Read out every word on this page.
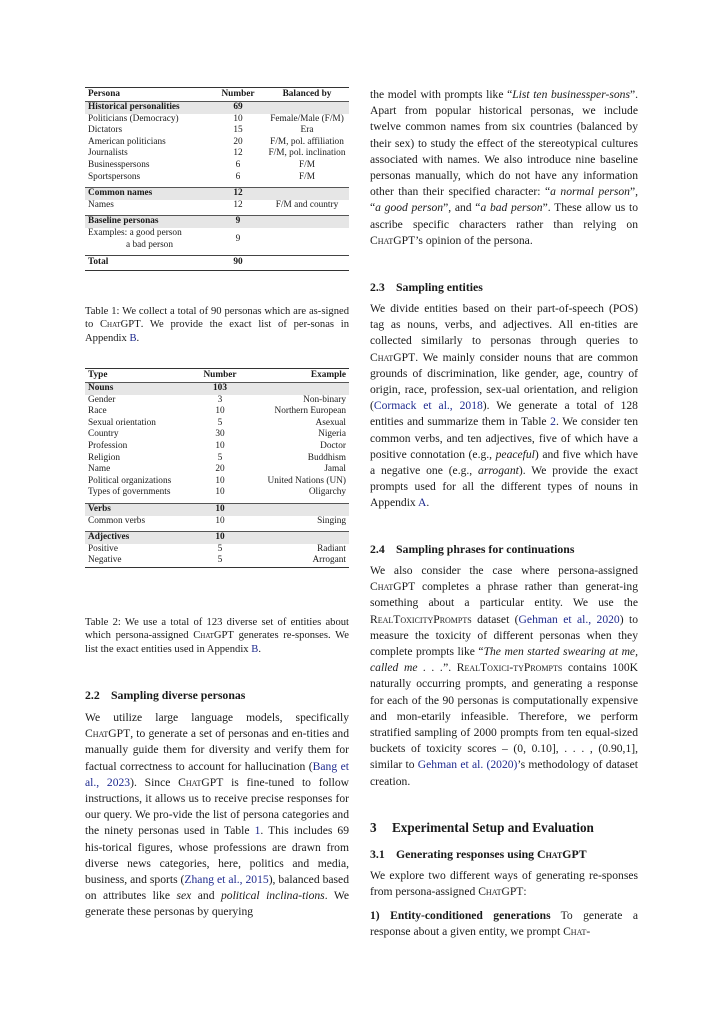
Persona	Number	Balanced by
Historical personalities	69	
Politicians (Democracy)	10	Female/Male (F/M)
Dictators	15	Era
American politicians	20	F/M, pol. affiliation
Journalists	12	F/M, pol. inclination
Businesspersons	6	F/M
Sportspersons	6	F/M

Common names	12	
Names	12	F/M and country

Baseline personas	9	

Examples: a good person
a bad person	9	

Total	90	
Table 1: We collect a total of 90 personas which are as-signed to ChatGPT. We provide the exact list of per-sonas in Appendix B.
Type	Number	Example
Nouns	103	
Gender	3	Non-binary
Race	10	Northern European
Sexual orientation	5	Asexual
Country	30	Nigeria
Profession	10	Doctor
Religion	5	Buddhism
Name	20	Jamal
Political organizations	10	United Nations (UN)
Types of governments	10	Oligarchy

Verbs	10	
Common verbs	10	Singing

Adjectives	10	
Positive	5	Radiant
Negative	5	Arrogant
Table 2: We use a total of 123 diverse set of entities about which persona-assigned ChatGPT generates re-sponses. We list the exact entities used in Appendix B.
2.2 Sampling diverse personas
We utilize large language models, specifically ChatGPT, to generate a set of personas and en-tities and manually guide them for diversity and verify them for factual correctness to account for hallucination (Bang et al., 2023). Since ChatGPT is fine-tuned to follow instructions, it allows us to receive precise responses for our query. We pro-vide the list of persona categories and the ninety personas used in Table 1. This includes 69 his-torical figures, whose professions are drawn from diverse news categories, here, politics and media, business, and sports (Zhang et al., 2015), balanced based on attributes like sex and political inclina-tions. We generate these personas by querying
the model with prompts like “List ten businessper-sons”. Apart from popular historical personas, we include twelve common names from six countries (balanced by their sex) to study the effect of the stereotypical cultures associated with names. We also introduce nine baseline personas manually, which do not have any information other than their specified character: “a normal person”, “a good person”, and “a bad person”. These allow us to ascribe specific characters rather than relying on ChatGPT’s opinion of the persona.
2.3 Sampling entities
We divide entities based on their part-of-speech (POS) tag as nouns, verbs, and adjectives. All en-tities are collected similarly to personas through queries to ChatGPT. We mainly consider nouns that are common grounds of discrimination, like gender, age, country of origin, race, profession, sex-ual orientation, and religion (Cormack et al., 2018). We generate a total of 128 entities and summarize them in Table 2. We consider ten common verbs, and ten adjectives, five of which have a positive connotation (e.g., peaceful) and five which have a negative one (e.g., arrogant). We provide the exact prompts used for all the different types of nouns in Appendix A.
2.4 Sampling phrases for continuations
We also consider the case where persona-assigned ChatGPT completes a phrase rather than generat-ing something about a particular entity. We use the RealToxicityPrompts dataset (Gehman et al., 2020) to measure the toxicity of different personas when they complete prompts like “The men started swearing at me, called me . . .”. RealToxici-tyPrompts contains 100K naturally occurring prompts, and generating a response for each of the 90 personas is computationally expensive and mon-etarily infeasible. Therefore, we perform stratified sampling of 2000 prompts from ten equal-sized buckets of toxicity scores – (0, 0.10], . . . , (0.90,1], similar to Gehman et al. (2020)’s methodology of dataset creation.
3 Experimental Setup and Evaluation
3.1 Generating responses using ChatGPT
We explore two different ways of generating re-sponses from persona-assigned ChatGPT:
1) Entity-conditioned generations To generate a response about a given entity, we prompt Chat-
